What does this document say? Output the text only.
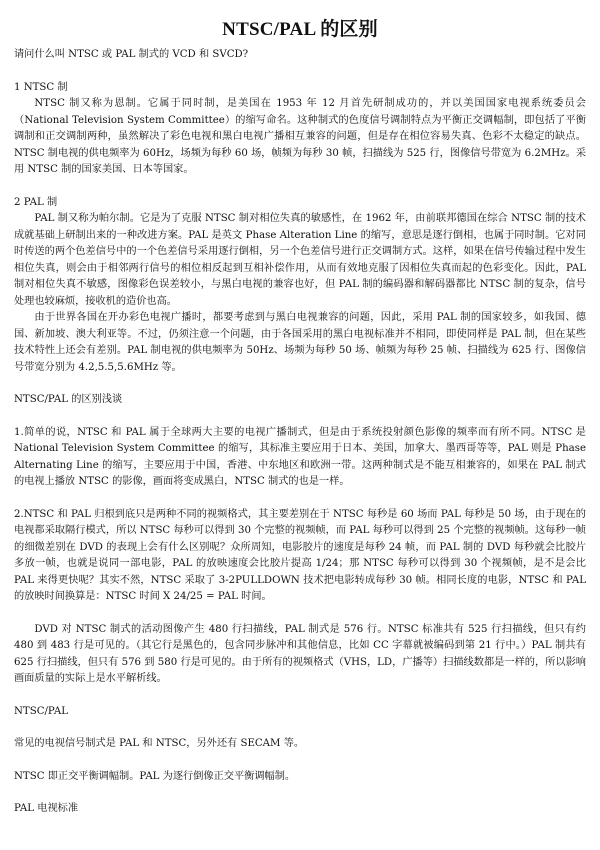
NTSC/PAL 的区别

请问什么叫 NTSC 或 PAL 制式的 VCD 和 SVCD?

1 NTSC 制

NTSC 制又称为恩制。它属于同时制，是美国在 1953 年 12 月首先研制成功的，并以美国国家电视系统委员会（National Television System Committee）的缩写命名。这种制式的色度信号调制特点为平衡正交调幅制，即包括了平衡调制和正交调制两种，虽然解决了彩色电视和黑白电视广播相互兼容的问题，但是存在相位容易失真、色彩不太稳定的缺点。NTSC 制电视的供电频率为 60Hz，场频为每秒 60 场，帧频为每秒 30 帧，扫描线为 525 行，图像信号带宽为 6.2MHz。采用 NTSC 制的国家美国、日本等国家。

2 PAL 制

PAL 制又称为帕尔制。它是为了克服 NTSC 制对相位失真的敏感性，在 1962 年，由前联邦德国在综合 NTSC 制的技术成就基础上研制出来的一种改进方案。PAL 是英文 Phase Alteration Line 的缩写，意思是逐行倒相，也属于同时制。它对同时传送的两个色差信号中的一个色差信号采用逐行倒相，另一个色差信号进行正交调制方式。这样，如果在信号传输过程中发生相位失真，则会由于相邻两行信号的相位相反起到互相补偿作用，从而有效地克服了因相位失真而起的色彩变化。因此，PAL 制对相位失真不敏感，图像彩色误差较小，与黑白电视的兼容也好，但 PAL 制的编码器和解码器都比 NTSC 制的复杂，信号处理也较麻烦，接收机的造价也高。

由于世界各国在开办彩色电视广播时，都要考虑到与黑白电视兼容的问题，因此，采用 PAL 制的国家较多，如我国、德国、新加坡、澳大利亚等。不过，仍须注意一个问题，由于各国采用的黑白电视标准并不相同，即使同样是 PAL 制，但在某些技术特性上还会有差别。PAL 制电视的供电频率为 50Hz、场频为每秒 50 场、帧频为每秒 25 帧、扫描线为 625 行、图像信号带宽分别为 4.2,5.5,5.6MHz 等。

NTSC/PAL 的区别浅谈

1.简单的说，NTSC 和 PAL 属于全球两大主要的电视广播制式，但是由于系统投射颜色影像的频率而有所不同。NTSC 是 National Television System Committee 的缩写，其标准主要应用于日本、美国，加拿大、墨西哥等等，PAL 则是 Phase Alternating Line 的缩写，主要应用于中国，香港、中东地区和欧洲一带。这两种制式是不能互相兼容的，如果在 PAL 制式的电视上播放 NTSC 的影像，画面将变成黑白，NTSC 制式的也是一样。

2.NTSC 和 PAL 归根到底只是两种不同的视频格式，其主要差别在于 NTSC 每秒是 60 场而 PAL 每秒是 50 场，由于现在的电视都采取隔行模式，所以 NTSC 每秒可以得到 30 个完整的视频帧，而 PAL 每秒可以得到 25 个完整的视频帧。这每秒一帧的细微差别在 DVD 的表现上会有什么区别呢？众所周知，电影胶片的速度是每秒 24 帧，而 PAL 制的 DVD 每秒就会比胶片多放一帧，也就是说同一部电影，PAL 的放映速度会比胶片提高 1/24；那 NTSC 每秒可以得到 30 个视频帧，是不是会比 PAL 来得更快呢？其实不然，NTSC 采取了 3-2PULLDOWN 技术把电影转成每秒 30 帧。相同长度的电影，NTSC 和 PAL 的放映时间换算是：NTSC 时间 X 24/25 = PAL 时间。

DVD 对 NTSC 制式的活动图像产生 480 行扫描线，PAL 制式是 576 行。NTSC 标准共有 525 行扫描线，但只有约 480 到 483 行是可见的。（其它行是黑色的，包含同步脉冲和其他信息，比如 CC 字幕就被编码到第 21 行中。）PAL 制共有 625 行扫描线，但只有 576 到 580 行是可见的。由于所有的视频格式（VHS，LD，广播等）扫描线数都是一样的，所以影响画面质量的实际上是水平解析线。

NTSC/PAL

常见的电视信号制式是 PAL 和 NTSC，另外还有 SECAM 等。

NTSC 即正交平衡调幅制。PAL 为逐行倒像正交平衡调幅制。

PAL 电视标准
